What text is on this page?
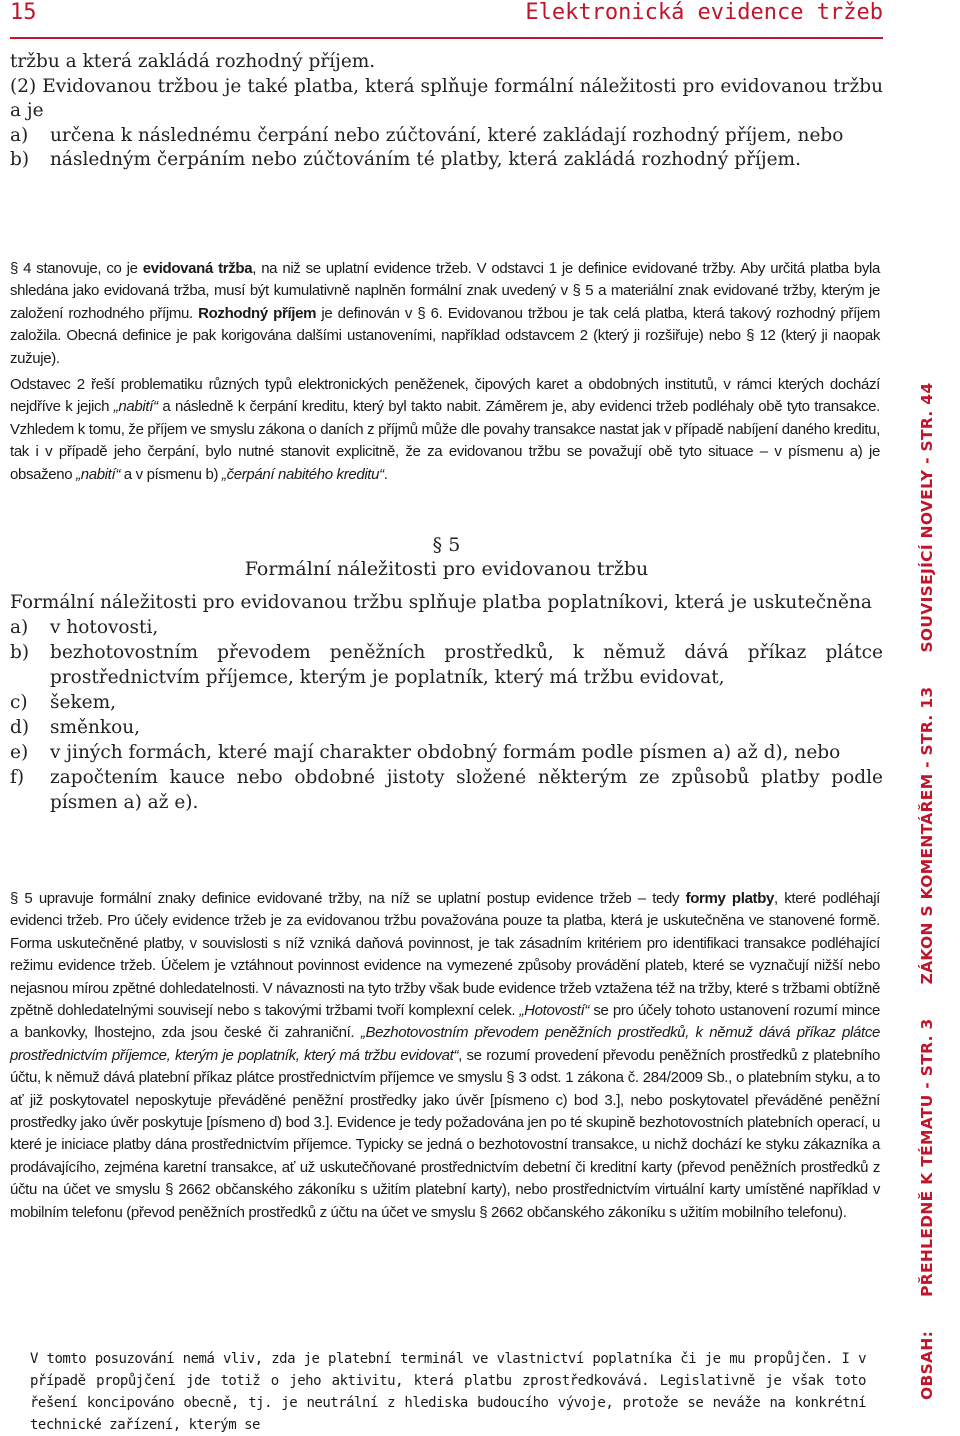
15	Elektronická evidence tržeb

tržbu a která zakládá rozhodný příjem.

(2) Evidovanou tržbou je také platba, která splňuje formální náležitosti pro evidovanou tržbu a je

a)	určena k následnému čerpání nebo zúčtování, které zakládají rozhodný příjem, nebo
b)	následným čerpáním nebo zúčtováním té platby, která zakládá rozhodný příjem.

§ 4 stanovuje, co je evidovaná tržba, na niž se uplatní evidence tržeb. V odstavci 1 je definice evidované tržby. Aby určitá platba byla shledána jako evidovaná tržba, musí být kumulativně naplněn formální znak uvedený v § 5 a materiální znak evidované tržby, kterým je založení rozhodného příjmu. Rozhodný příjem je definován v § 6. Evidovanou tržbou je tak celá platba, která takový rozhodný příjem založila. Obecná definice je pak korigována dalšími ustanoveními, například odstavcem 2 (který ji rozšiřuje) nebo § 12 (který ji naopak zužuje).

Odstavec 2 řeší problematiku různých typů elektronických peněženek, čipových karet a obdobných institutů, v rámci kterých dochází nejdříve k jejich „nabití“ a následně k čerpání kreditu, který byl takto nabit. Záměrem je, aby evidenci tržeb podléhaly obě tyto transakce. Vzhledem k tomu, že příjem ve smyslu zákona o daních z příjmů může dle povahy transakce nastat jak v případě nabíjení daného kreditu, tak i v případě jeho čerpání, bylo nutné stanovit explicitně, že za evidovanou tržbu se považují obě tyto situace – v písmenu a) je obsaženo „nabití“ a v písmenu b) „čerpání nabitého kreditu“.

§ 5
Formální náležitosti pro evidovanou tržbu

Formální náležitosti pro evidovanou tržbu splňuje platba poplatníkovi, která je uskutečněna

a)	v hotovosti,
b)	bezhotovostním převodem peněžních prostředků, k němuž dává příkaz plátce prostřednictvím příjemce, kterým je poplatník, který má tržbu evidovat,
c)	šekem,
d)	směnkou,
e)	v jiných formách, které mají charakter obdobný formám podle písmen a) až d), nebo
f)	započtením kauce nebo obdobné jistoty složené některým ze způsobů platby podle písmen a) až e).

§ 5 upravuje formální znaky definice evidované tržby, na níž se uplatní postup evidence tržeb – tedy formy platby, které podléhají evidenci tržeb. Pro účely evidence tržeb je za evidovanou tržbu považována pouze ta platba, která je uskutečněna ve stanovené formě. Forma uskutečněné platby, v souvislosti s níž vzniká daňová povinnost, je tak zásadním kritériem pro identifikaci transakce podléhající režimu evidence tržeb. Účelem je vztáhnout povinnost evidence na vymezené způsoby provádění plateb, které se vyznačují nižší nebo nejasnou mírou zpětné dohledatelnosti. V návaznosti na tyto tržby však bude evidence tržeb vztažena též na tržby, které s tržbami obtížně zpětně dohledatelnými souvisejí nebo s takovými tržbami tvoří komplexní celek. „Hotovostí“ se pro účely tohoto ustanovení rozumí mince a bankovky, lhostejno, zda jsou české či zahraniční. „Bezhotovostním převodem peněžních prostředků, k němuž dává příkaz plátce prostřednictvím příjemce, kterým je poplatník, který má tržbu evidovat“, se rozumí provedení převodu peněžních prostředků z platebního účtu, k němuž dává platební příkaz plátce prostřednictvím příjemce ve smyslu § 3 odst. 1 zákona č. 284/2009 Sb., o platebním styku, a to ať již poskytovatel neposkytuje převáděné peněžní prostředky jako úvěr [písmeno c) bod 3.], nebo poskytovatel převáděné peněžní prostředky jako úvěr poskytuje [písmeno d) bod 3.]. Evidence je tedy požadována jen po té skupině bezhotovostních platebních operací, u které je iniciace platby dána prostřednictvím příjemce. Typicky se jedná o bezhotovostní transakce, u nichž dochází ke styku zákazníka a prodávajícího, zejména karetní transakce, ať už uskutečňované prostřednictvím debetní či kreditní karty (převod peněžních prostředků z účtu na účet ve smyslu § 2662 občanského zákoníku s užitím platební karty), nebo prostřednictvím virtuální karty umístěné například v mobilním telefonu (převod peněžních prostředků z účtu na účet ve smyslu § 2662 občanského zákoníku s užitím mobilního telefonu).

V tomto posuzování nemá vliv, zda je platební terminál ve vlastnictví poplatníka či je mu propůjčen. I v případě propůjčení jde totiž o jeho aktivitu, která platbu zprostředkovává. Legislativně je však toto řešení koncipováno obecně, tj. je neutrální z hlediska budoucího vývoje, protože se neváže na konkrétní technické zařízení, kterým se
OBSAH:
PŘEHLEDNĚ K TÉMATU - STR. 3
ZÁKON S KOMENTÁŘEM - STR. 13
SOUVISEJÍCÍ NOVELY - STR. 44
